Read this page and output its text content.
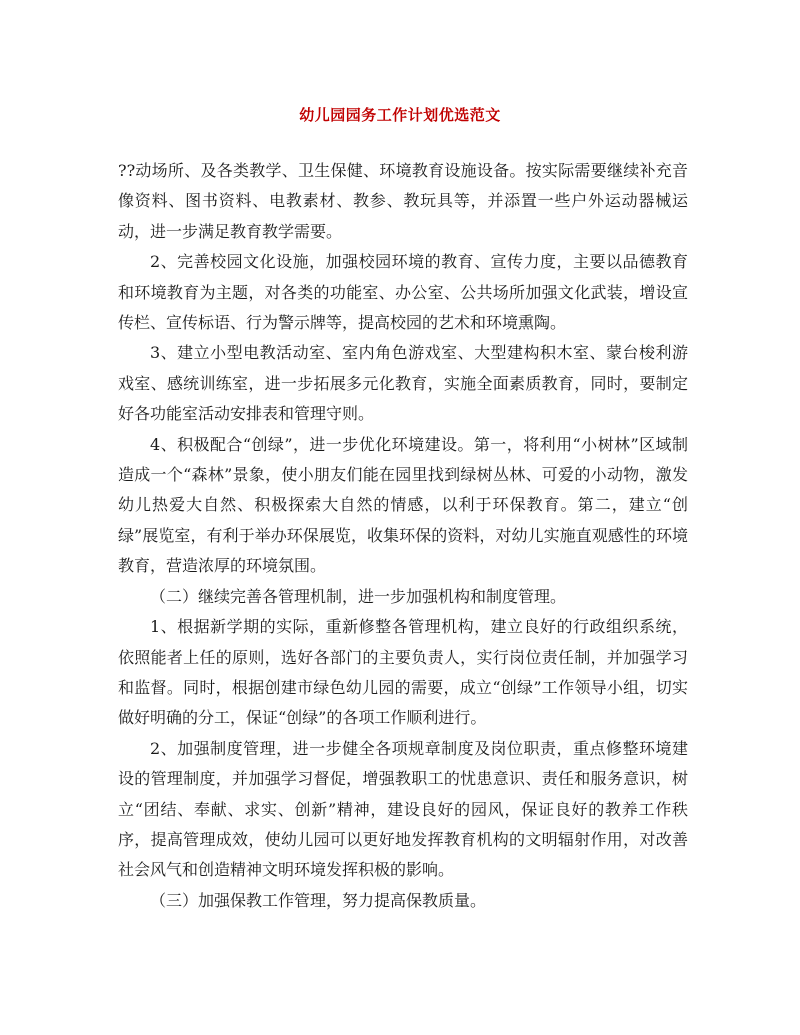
幼儿园园务工作计划优选范文

??动场所、及各类教学、卫生保健、环境教育设施设备。按实际需要继续补充音像资料、图书资料、电教素材、教参、教玩具等，并添置一些户外运动器械运动，进一步满足教育教学需要。

2、完善校园文化设施，加强校园环境的教育、宣传力度，主要以品德教育和环境教育为主题，对各类的功能室、办公室、公共场所加强文化武装，增设宣传栏、宣传标语、行为警示牌等，提高校园的艺术和环境熏陶。

3、建立小型电教活动室、室内角色游戏室、大型建构积木室、蒙台梭利游戏室、感统训练室，进一步拓展多元化教育，实施全面素质教育，同时，要制定好各功能室活动安排表和管理守则。

4、积极配合“创绿”，进一步优化环境建设。第一，将利用“小树林”区域制造成一个“森林”景象，使小朋友们能在园里找到绿树丛林、可爱的小动物，激发幼儿热爱大自然、积极探索大自然的情感，以利于环保教育。第二，建立“创绿”展览室，有利于举办环保展览，收集环保的资料，对幼儿实施直观感性的环境教育，营造浓厚的环境氛围。

（二）继续完善各管理机制，进一步加强机构和制度管理。

1、根据新学期的实际，重新修整各管理机构，建立良好的行政组织系统，依照能者上任的原则，选好各部门的主要负责人，实行岗位责任制，并加强学习和监督。同时，根据创建市绿色幼儿园的需要，成立“创绿”工作领导小组，切实做好明确的分工，保证“创绿”的各项工作顺利进行。

2、加强制度管理，进一步健全各项规章制度及岗位职责，重点修整环境建设的管理制度，并加强学习督促，增强教职工的忧患意识、责任和服务意识，树立“团结、奉献、求实、创新”精神，建设良好的园风，保证良好的教养工作秩序，提高管理成效，使幼儿园可以更好地发挥教育机构的文明辐射作用，对改善社会风气和创造精神文明环境发挥积极的影响。

（三）加强保教工作管理，努力提高保教质量。
